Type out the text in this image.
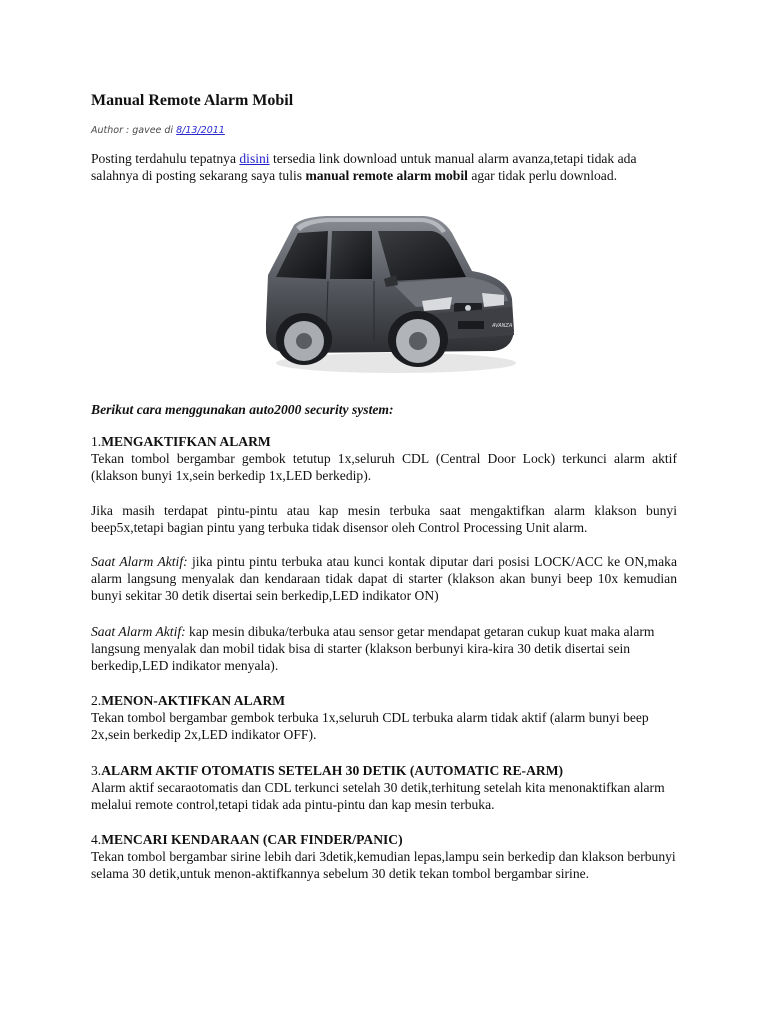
Manual Remote Alarm Mobil
Author : gavee di 8/13/2011

Posting terdahulu tepatnya disini tersedia link download untuk manual alarm avanza,tetapi tidak ada salahnya di posting sekarang saya tulis manual remote alarm mobil agar tidak perlu download.

AVANZA

Berikut cara menggunakan auto2000 security system:

1.MENGAKTIFKAN ALARM
Tekan tombol bergambar gembok tetutup 1x,seluruh CDL (Central Door Lock) terkunci alarm aktif (klakson bunyi 1x,sein berkedip 1x,LED berkedip).

Jika masih terdapat pintu-pintu atau kap mesin terbuka saat mengaktifkan alarm klakson bunyi beep5x,tetapi bagian pintu yang terbuka tidak disensor oleh Control Processing Unit alarm.

Saat Alarm Aktif: jika pintu pintu terbuka atau kunci kontak diputar dari posisi LOCK/ACC ke ON,maka alarm langsung menyalak dan kendaraan tidak dapat di starter (klakson akan bunyi beep 10x kemudian bunyi sekitar 30 detik disertai sein berkedip,LED indikator ON)

Saat Alarm Aktif: kap mesin dibuka/terbuka atau sensor getar mendapat getaran cukup kuat maka alarm langsung menyalak dan mobil tidak bisa di starter (klakson berbunyi kira-kira 30 detik disertai sein berkedip,LED indikator menyala).

2.MENON-AKTIFKAN ALARM
Tekan tombol bergambar gembok terbuka 1x,seluruh CDL terbuka alarm tidak aktif (alarm bunyi beep 2x,sein berkedip 2x,LED indikator OFF).

3.ALARM AKTIF OTOMATIS SETELAH 30 DETIK (AUTOMATIC RE-ARM)
Alarm aktif secaraotomatis dan CDL terkunci setelah 30 detik,terhitung setelah kita menonaktifkan alarm melalui remote control,tetapi tidak ada pintu-pintu dan kap mesin terbuka.

4.MENCARI KENDARAAN (CAR FINDER/PANIC)
Tekan tombol bergambar sirine lebih dari 3detik,kemudian lepas,lampu sein berkedip dan klakson berbunyi selama 30 detik,untuk menon-aktifkannya sebelum 30 detik tekan tombol bergambar sirine.
